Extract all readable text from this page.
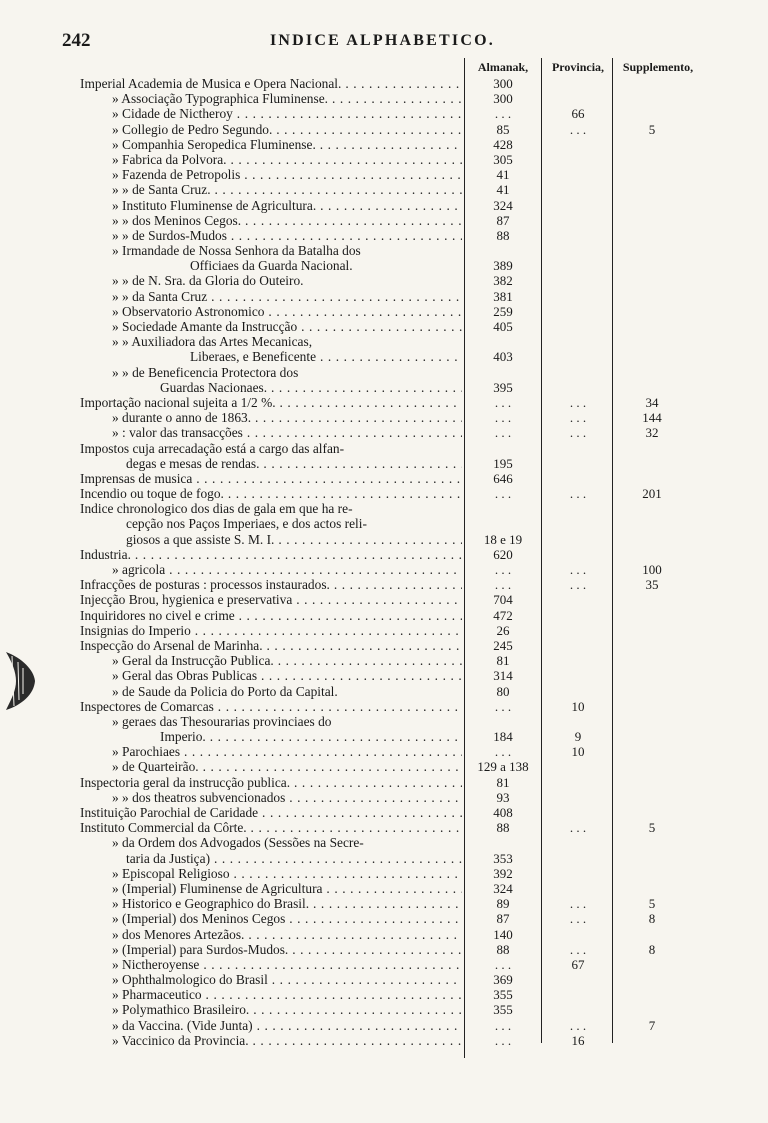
242	INDICE ALPHABETICO.
Almanak,	Provincia,	Supplemento,
Imperial Academia de Musica e Opera Nacional. . . .	300
» Associação Typographica Fluminense. . . .	300
» Cidade de Nictheroy . . .	. . .	66
» Collegio de Pedro Segundo. . . .	85	. . .	5
» Companhia Seropedica Fluminense. . . .	428
» Fabrica da Polvora. . . .	305
» Fazenda de Petropolis . . .	41
» » de Santa Cruz. . . .	41
» Instituto Fluminense de Agricultura. . . .	324
» » dos Meninos Cegos. . . .	87
» » de Surdos-Mudos . . .	88
» Irmandade de Nossa Senhora da Batalha dos
Officiaes da Guarda Nacional.	389
» » de N. Sra. da Gloria do Outeiro.	382
» » da Santa Cruz . . .	381
» Observatorio Astronomico . . .	259
» Sociedade Amante da Instrucção . . .	405
» » Auxiliadora das Artes Mecanicas,
Liberaes, e Beneficente . . .	403
» » de Beneficencia Protectora dos
Guardas Nacionaes. . . .	395
Importação nacional sujeita a 1/2 %. . . .	. . .	. . .	34
» durante o anno de 1863. . . .	. . .	. . .	144
» : valor das transacções . . .	. . .	. . .	32
Impostos cuja arrecadação está a cargo das alfan-
degas e mesas de rendas. . . .	195
Imprensas de musica . . .	646
Incendio ou toque de fogo. . . .	. . .	. . .	201
Indice chronologico dos dias de gala em que ha re-
cepção nos Paços Imperiaes, e dos actos reli-
giosos a que assiste S. M. I. . . .	18 e 19
Industria. . . .	620
» agricola . . .	. . .	. . .	100
Infracções de posturas : processos instaurados. . . .	. . .	. . .	35
Injecção Brou, hygienica e preservativa . . .	704
Inquiridores no civel e crime . . .	472
Insignias do Imperio . . .	26
Inspecção do Arsenal de Marinha. . . .	245
» Geral da Instrucção Publica. . . .	81
» Geral das Obras Publicas . . .	314
» de Saude da Policia do Porto da Capital.	80
Inspectores de Comarcas . . .	. . .	10
» geraes das Thesourarias provinciaes do
Imperio. . . .	184	9
» Parochiaes . . .	. . .	10
» de Quarteirão. . . .	129 a 138
Inspectoria geral da instrucção publica. . . .	81
» » dos theatros subvencionados . . .	93
Instituição Parochial de Caridade . . .	408
Instituto Commercial da Côrte. . . .	88	. . .	5
» da Ordem dos Advogados (Sessões na Secre-
taria da Justiça) . . .	353
» Episcopal Religioso . . .	392
» (Imperial) Fluminense de Agricultura . . .	324
» Historico e Geographico do Brasil. . . .	89	. . .	5
» (Imperial) dos Meninos Cegos . . .	87	. . .	8
» dos Menores Artezãos. . . .	140
» (Imperial) para Surdos-Mudos. . . .	88	. . .	8
» Nictheroyense . . .	. . .	67
» Ophthalmologico do Brasil . . .	369
» Pharmaceutico . . .	355
» Polymathico Brasileiro. . . .	355
» da Vaccina. (Vide Junta) . . .	. . .	. . .	7
» Vaccinico da Provincia. . . .	. . .	16
